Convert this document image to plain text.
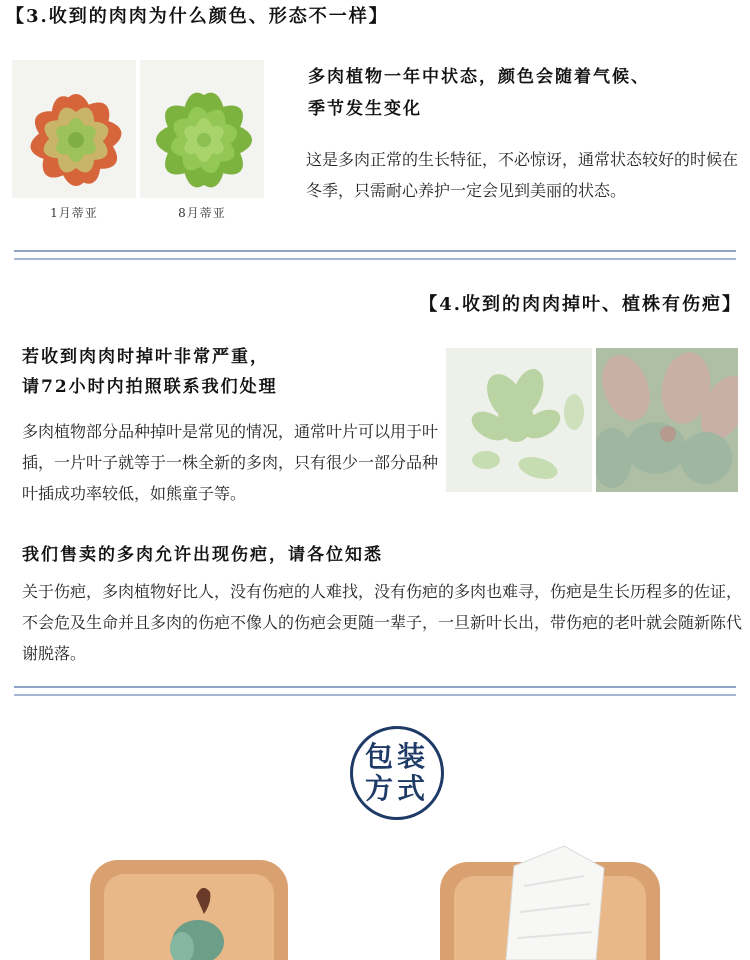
【3.收到的肉肉为什么颜色、形态不一样】
1月蒂亚	8月蒂亚
多肉植物一年中状态，颜色会随着气候、
季节发生变化
这是多肉正常的生长特征，不必惊讶，通常状态较好的时候在冬季，只需耐心养护一定会见到美丽的状态。
【4.收到的肉肉掉叶、植株有伤疤】
若收到肉肉时掉叶非常严重，
请72小时内拍照联系我们处理
多肉植物部分品种掉叶是常见的情况，通常叶片可以用于叶插，一片叶子就等于一株全新的多肉，只有很少一部分品种叶插成功率较低，如熊童子等。
我们售卖的多肉允许出现伤疤，请各位知悉
关于伤疤，多肉植物好比人，没有伤疤的人难找，没有伤疤的多肉也难寻，伤疤是生长历程多的佐证，不会危及生命并且多肉的伤疤不像人的伤疤会更随一辈子，一旦新叶长出，带伤疤的老叶就会随新陈代谢脱落。
包装
方式
